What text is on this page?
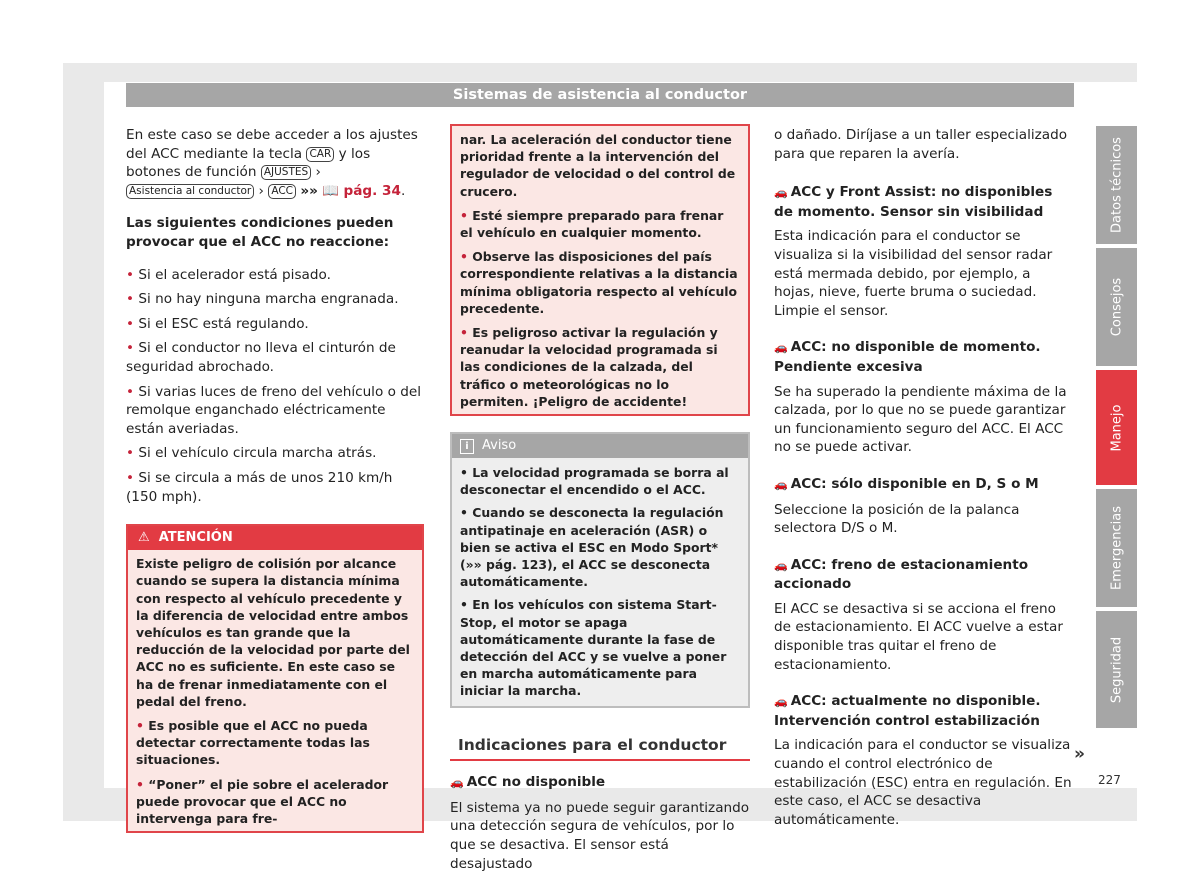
Sistemas de asistencia al conductor

En este caso se debe acceder a los ajustes del ACC mediante la tecla CAR y los botones de función AJUSTES › Asistencia al conductor › ACC »» 📖 pág. 34.

Las siguientes condiciones pueden provocar que el ACC no reaccione:

• Si el acelerador está pisado.
• Si no hay ninguna marcha engranada.
• Si el ESC está regulando.
• Si el conductor no lleva el cinturón de seguridad abrochado.
• Si varias luces de freno del vehículo o del remolque enganchado eléctricamente están averiadas.
• Si el vehículo circula marcha atrás.
• Si se circula a más de unos 210 km/h (150 mph).
⚠ ATENCIÓN

Existe peligro de colisión por alcance cuando se supera la distancia mínima con respecto al vehículo precedente y la diferencia de velocidad entre ambos vehículos es tan grande que la reducción de la velocidad por parte del ACC no es suficiente. En este caso se ha de frenar inmediatamente con el pedal del freno.

• Es posible que el ACC no pueda detectar correctamente todas las situaciones.

• “Poner” el pie sobre el acelerador puede provocar que el ACC no intervenga para fre-

nar. La aceleración del conductor tiene prioridad frente a la intervención del regulador de velocidad o del control de crucero.

• Esté siempre preparado para frenar el vehículo en cualquier momento.

• Observe las disposiciones del país correspondiente relativas a la distancia mínima obligatoria respecto al vehículo precedente.

• Es peligroso activar la regulación y reanudar la velocidad programada si las condiciones de la calzada, del tráfico o meteorológicas no lo permiten. ¡Peligro de accidente!

i Aviso

• La velocidad programada se borra al desconectar el encendido o el ACC.

• Cuando se desconecta la regulación antipatinaje en aceleración (ASR) o bien se activa el ESC en Modo Sport* (»» pág. 123), el ACC se desconecta automáticamente.

• En los vehículos con sistema Start-Stop, el motor se apaga automáticamente durante la fase de detección del ACC y se vuelve a poner en marcha automáticamente para iniciar la marcha.

Indicaciones para el conductor
🚗 ACC no disponible
El sistema ya no puede seguir garantizando una detección segura de vehículos, por lo que se desactiva. El sensor está desajustado

o dañado. Diríjase a un taller especializado para que reparen la avería.

🚗 ACC y Front Assist: no disponibles de momento. Sensor sin visibilidad
Esta indicación para el conductor se visualiza si la visibilidad del sensor radar está mermada debido, por ejemplo, a hojas, nieve, fuerte bruma o suciedad. Limpie el sensor.
🚗 ACC: no disponible de momento. Pendiente excesiva
Se ha superado la pendiente máxima de la calzada, por lo que no se puede garantizar un funcionamiento seguro del ACC. El ACC no se puede activar.
🚗 ACC: sólo disponible en D, S o M
Seleccione la posición de la palanca selectora D/S o M.
🚗 ACC: freno de estacionamiento accionado
El ACC se desactiva si se acciona el freno de estacionamiento. El ACC vuelve a estar disponible tras quitar el freno de estacionamiento.
🚗 ACC: actualmente no disponible. Intervención control estabilización
La indicación para el conductor se visualiza cuando el control electrónico de estabilización (ESC) entra en regulación. En este caso, el ACC se desactiva automáticamente.
»
Datos técnicos
Consejos
Manejo
Emergencias
Seguridad
227
